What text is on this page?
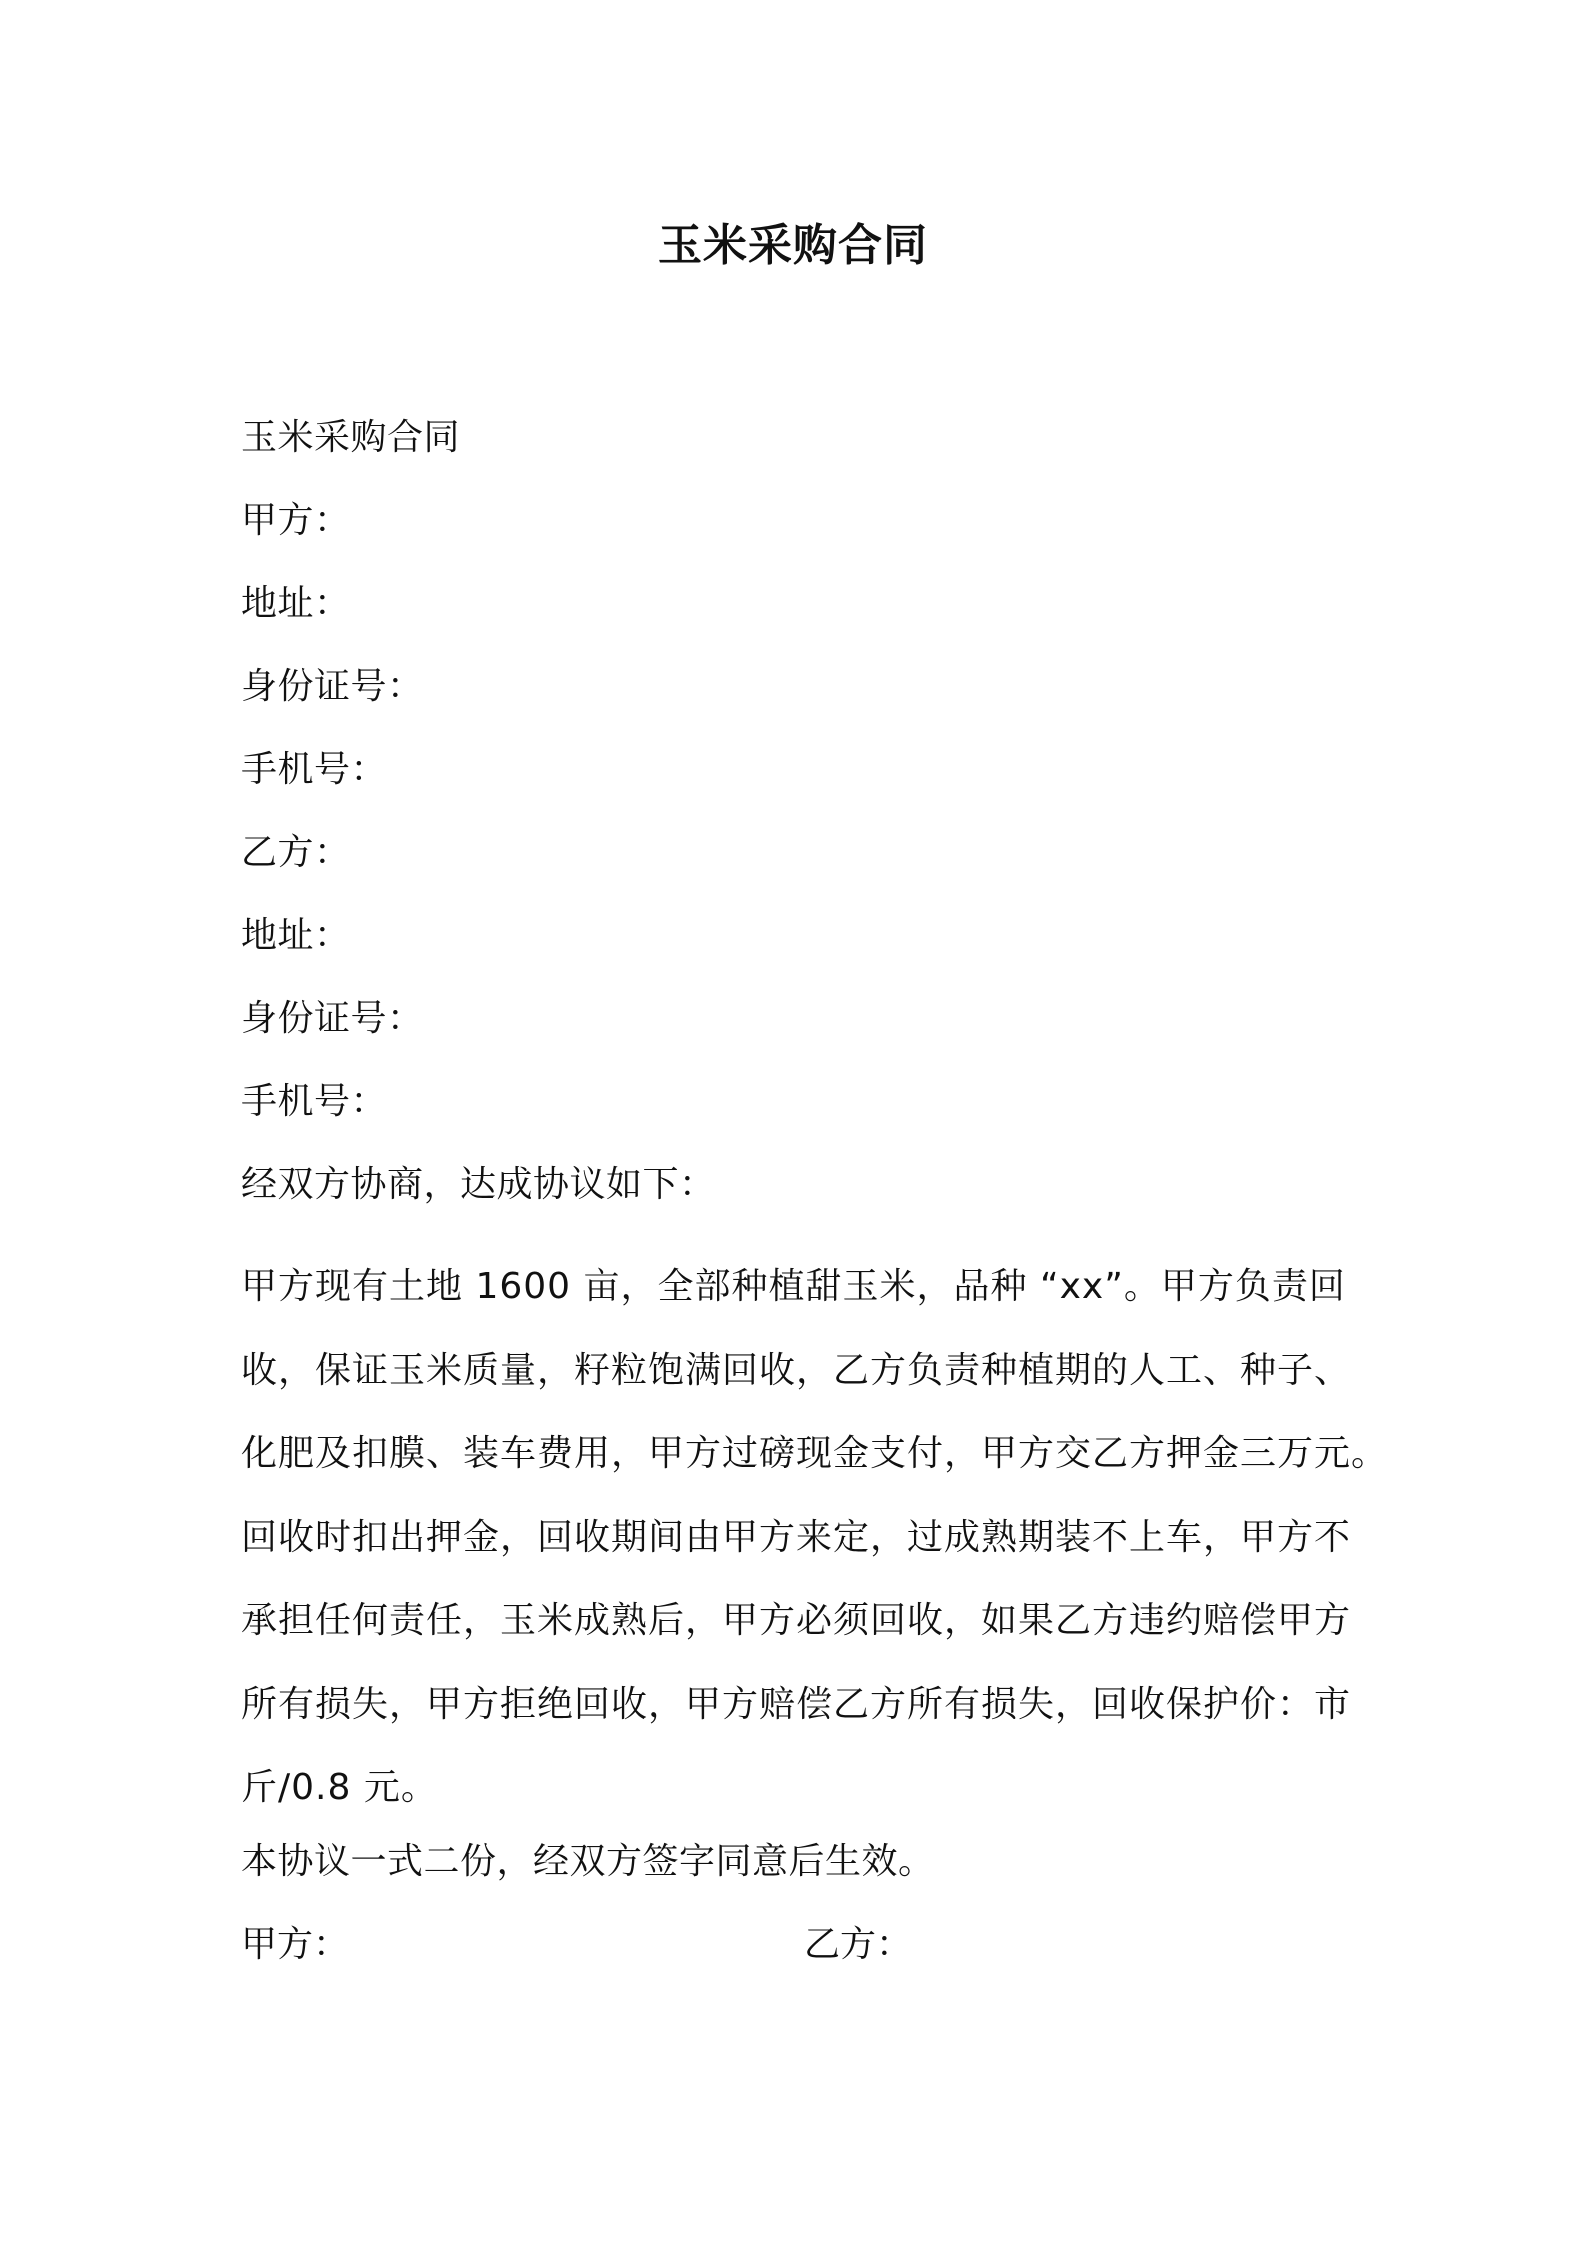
玉米采购合同
玉米采购合同
甲方：
地址：
身份证号：
手机号：
乙方：
地址：
身份证号：
手机号：
经双方协商，达成协议如下：
甲方现有土地 1600 亩，全部种植甜玉米，品种 “xx”。甲方负责回
收，保证玉米质量，籽粒饱满回收，乙方负责种植期的人工、种子、
化肥及扣膜、装车费用，甲方过磅现金支付，甲方交乙方押金三万元。
回收时扣出押金，回收期间由甲方来定，过成熟期装不上车，甲方不
承担任何责任，玉米成熟后，甲方必须回收，如果乙方违约赔偿甲方
所有损失，甲方拒绝回收，甲方赔偿乙方所有损失，回收保护价：市
斤/0.8 元。
本协议一式二份，经双方签字同意后生效。
甲方：	乙方：
